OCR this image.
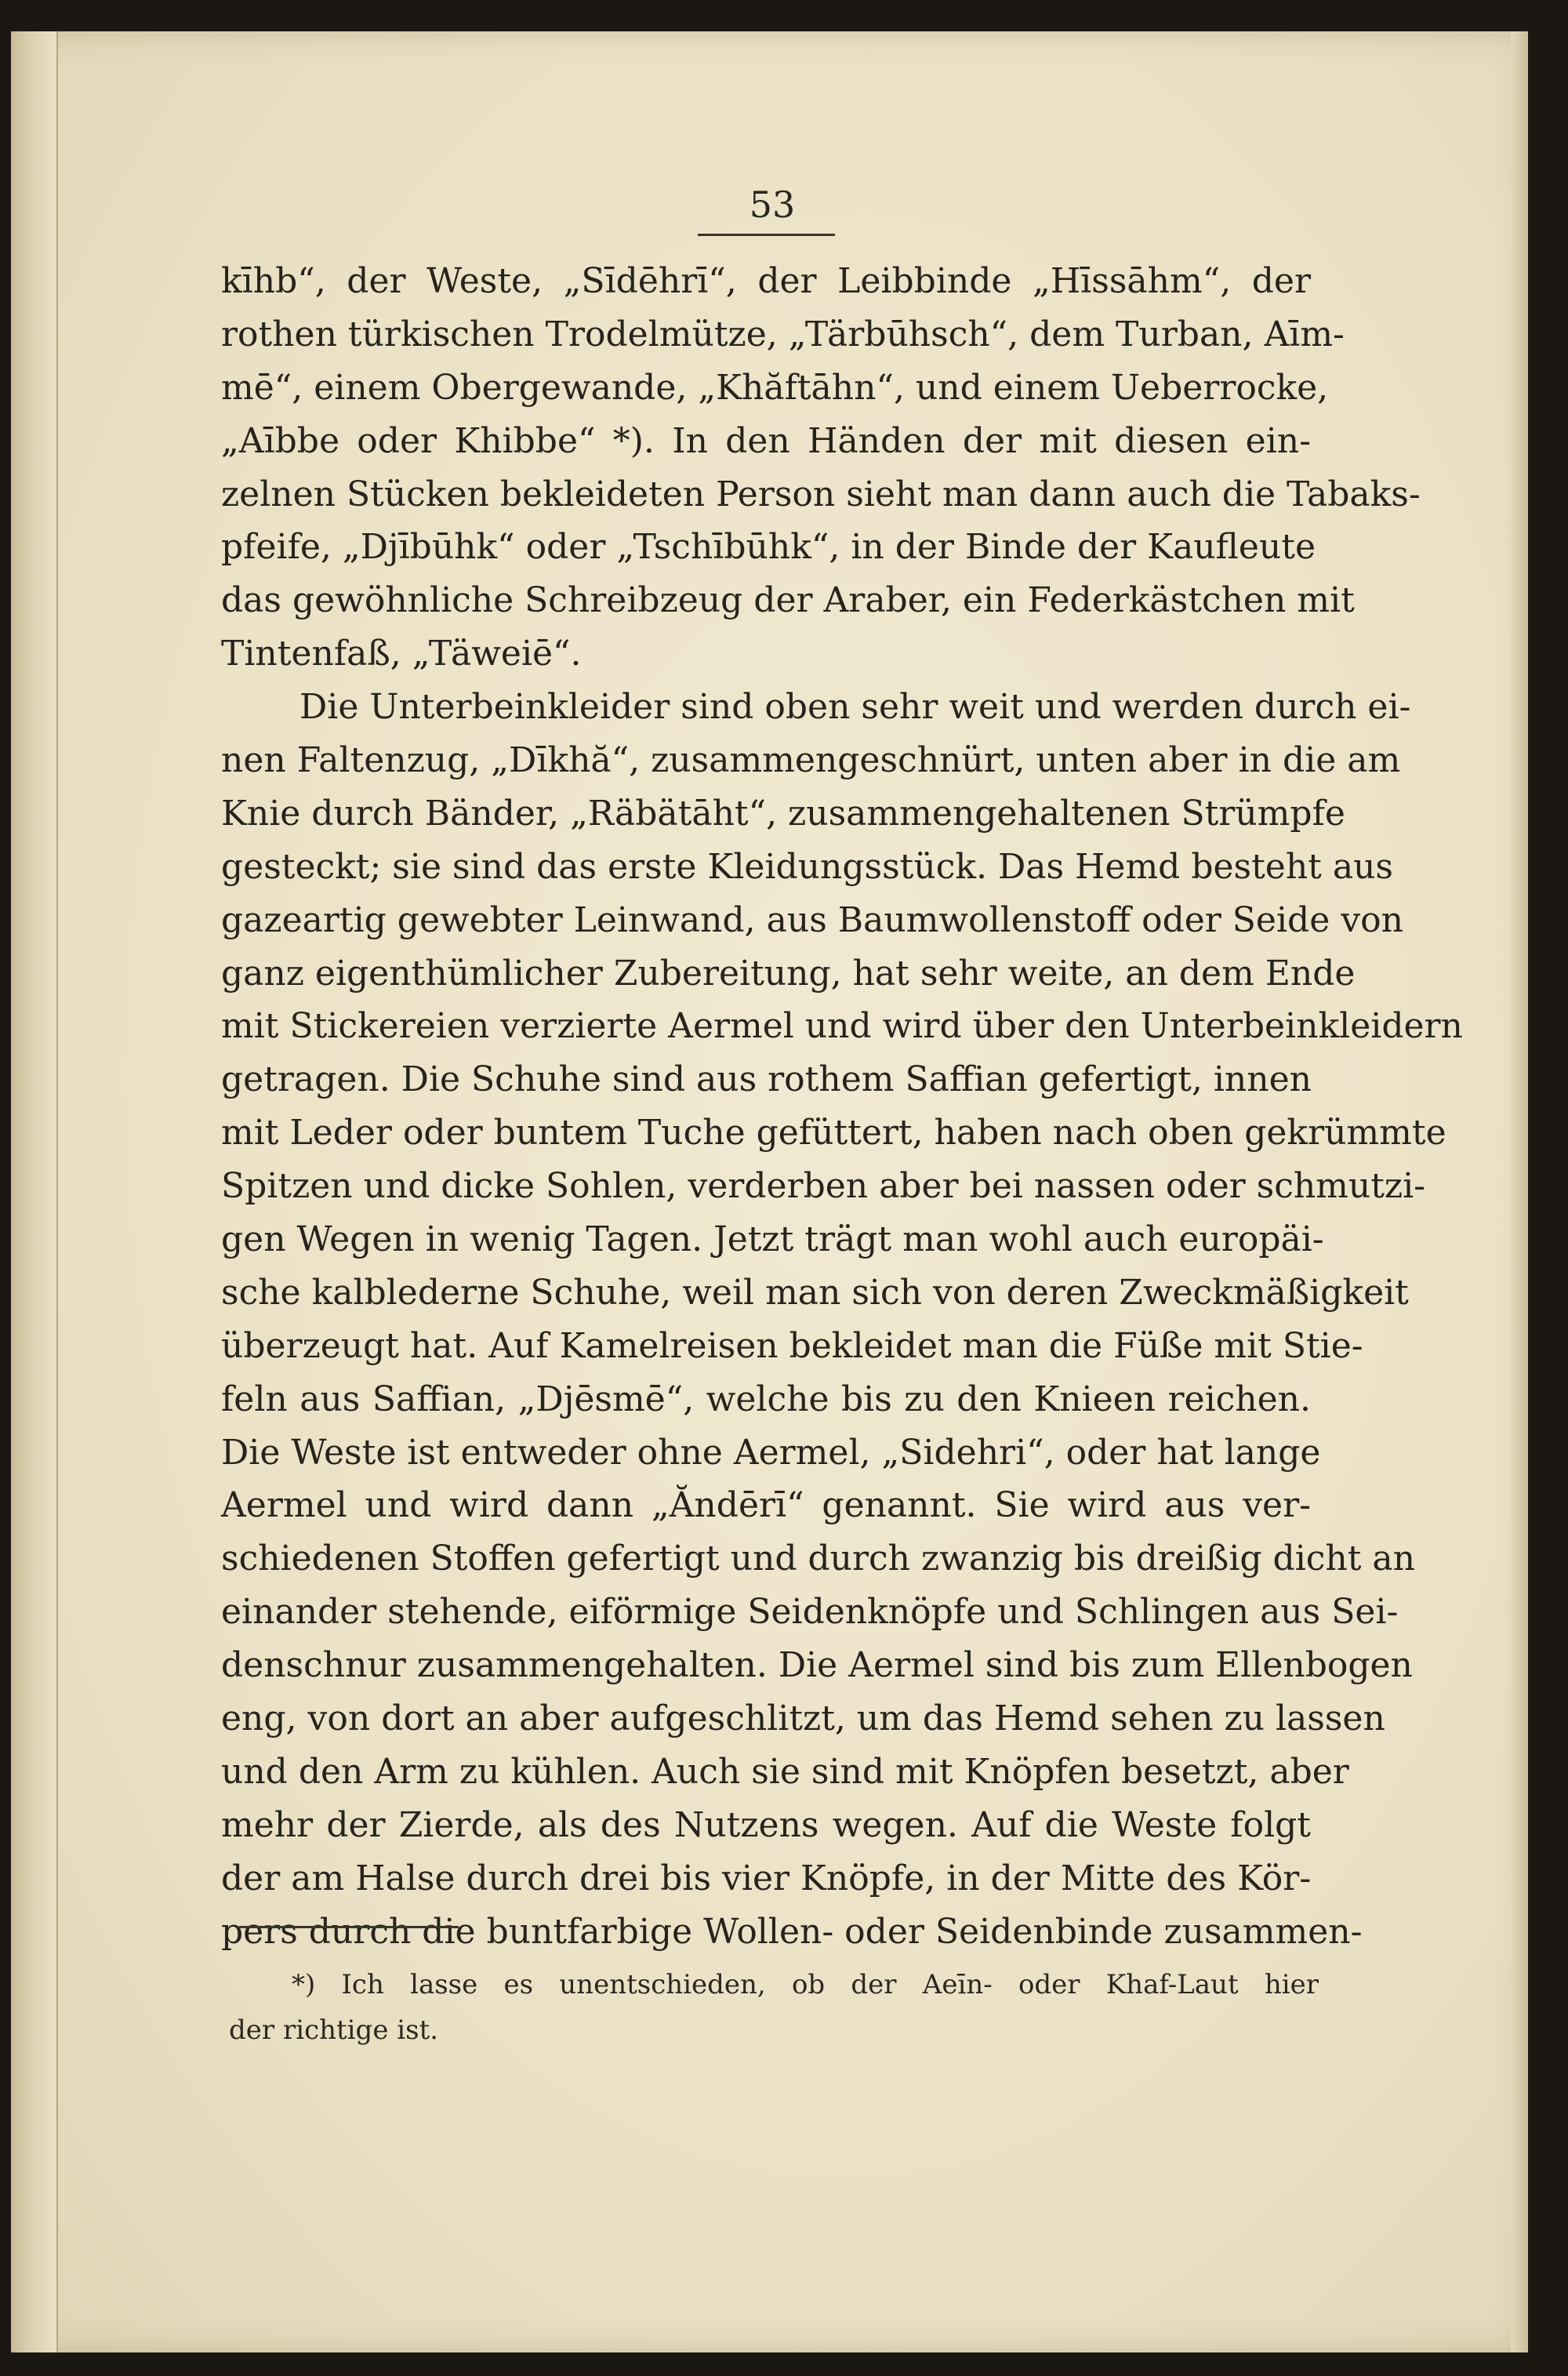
53
kīhb“, der Weste, „Sīdēhrī“, der Leibbinde „Hīssāhm“, der
rothen türkischen Trodelmütze, „Tärbūhsch“, dem Turban, Aīm-
mē“, einem Obergewande, „Khăftāhn“, und einem Ueberrocke,
„Aībbe oder Khibbe“ *). In den Händen der mit diesen ein-
zelnen Stücken bekleideten Person sieht man dann auch die Tabaks-
pfeife, „Djībūhk“ oder „Tschībūhk“, in der Binde der Kaufleute
das gewöhnliche Schreibzeug der Araber, ein Federkästchen mit
Tintenfaß, „Täweiē“.
Die Unterbeinkleider sind oben sehr weit und werden durch ei-
nen Faltenzug, „Dīkhă“, zusammengeschnürt, unten aber in die am
Knie durch Bänder, „Räbätāht“, zusammengehaltenen Strümpfe
gesteckt; sie sind das erste Kleidungsstück. Das Hemd besteht aus
gazeartig gewebter Leinwand, aus Baumwollenstoff oder Seide von
ganz eigenthümlicher Zubereitung, hat sehr weite, an dem Ende
mit Stickereien verzierte Aermel und wird über den Unterbeinkleidern
getragen. Die Schuhe sind aus rothem Saffian gefertigt, innen
mit Leder oder buntem Tuche gefüttert, haben nach oben gekrümmte
Spitzen und dicke Sohlen, verderben aber bei nassen oder schmutzi-
gen Wegen in wenig Tagen. Jetzt trägt man wohl auch europäi-
sche kalblederne Schuhe, weil man sich von deren Zweckmäßigkeit
überzeugt hat. Auf Kamelreisen bekleidet man die Füße mit Stie-
feln aus Saffian, „Djēsmē“, welche bis zu den Knieen reichen.
Die Weste ist entweder ohne Aermel, „Sidehri“, oder hat lange
Aermel und wird dann „Ăndērī“ genannt. Sie wird aus ver-
schiedenen Stoffen gefertigt und durch zwanzig bis dreißig dicht an
einander stehende, eiförmige Seidenknöpfe und Schlingen aus Sei-
denschnur zusammengehalten. Die Aermel sind bis zum Ellenbogen
eng, von dort an aber aufgeschlitzt, um das Hemd sehen zu lassen
und den Arm zu kühlen. Auch sie sind mit Knöpfen besetzt, aber
mehr der Zierde, als des Nutzens wegen. Auf die Weste folgt
der am Halse durch drei bis vier Knöpfe, in der Mitte des Kör-
pers durch die buntfarbige Wollen- oder Seidenbinde zusammen-
*) Ich lasse es unentschieden, ob der Aeīn- oder Khaf-Laut hier
der richtige ist.
